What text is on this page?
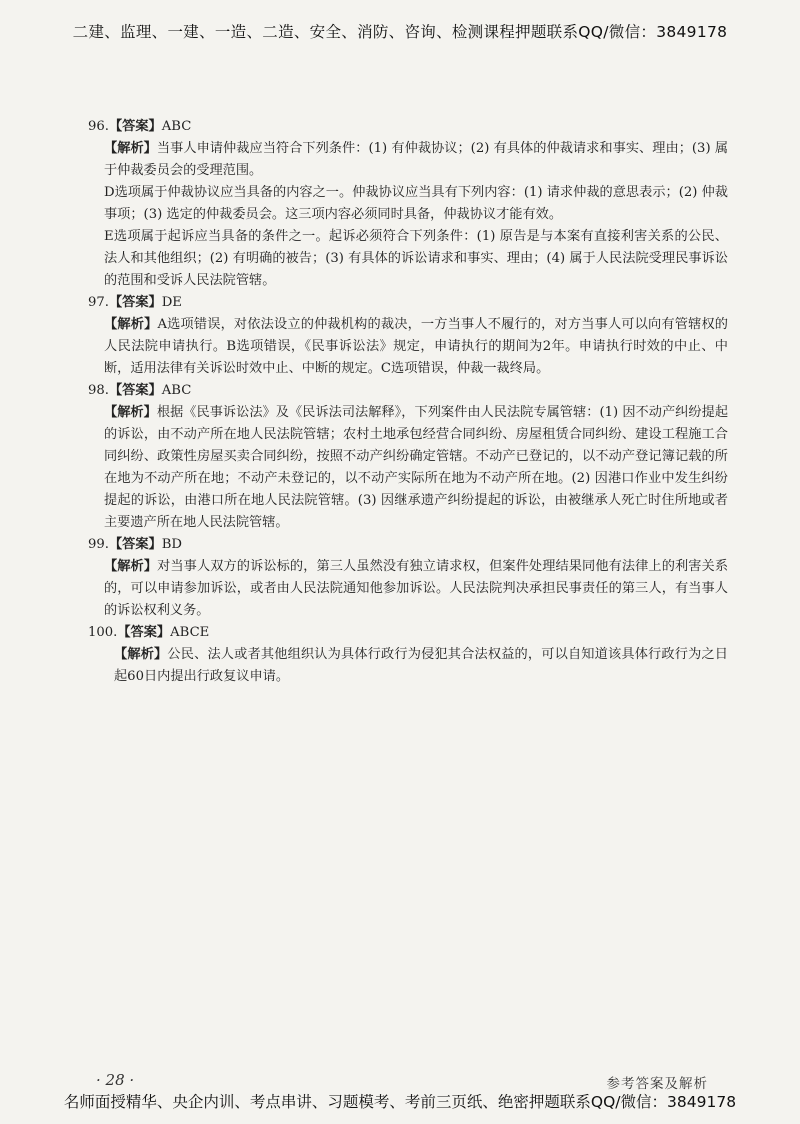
二建、监理、一建、一造、二造、安全、消防、咨询、检测课程押题联系QQ/微信：3849178
96.【答案】ABC

【解析】当事人申请仲裁应当符合下列条件：(1) 有仲裁协议；(2) 有具体的仲裁请求和事实、理由；(3) 属于仲裁委员会的受理范围。

D选项属于仲裁协议应当具备的内容之一。仲裁协议应当具有下列内容：(1) 请求仲裁的意思表示；(2) 仲裁事项；(3) 选定的仲裁委员会。这三项内容必须同时具备，仲裁协议才能有效。

E选项属于起诉应当具备的条件之一。起诉必须符合下列条件：(1) 原告是与本案有直接利害关系的公民、法人和其他组织；(2) 有明确的被告；(3) 有具体的诉讼请求和事实、理由；(4) 属于人民法院受理民事诉讼的范围和受诉人民法院管辖。

97.【答案】DE

【解析】A选项错误，对依法设立的仲裁机构的裁决，一方当事人不履行的，对方当事人可以向有管辖权的人民法院申请执行。B选项错误，《民事诉讼法》规定，申请执行的期间为2年。申请执行时效的中止、中断，适用法律有关诉讼时效中止、中断的规定。C选项错误，仲裁一裁终局。

98.【答案】ABC

【解析】根据《民事诉讼法》及《民诉法司法解释》，下列案件由人民法院专属管辖：(1) 因不动产纠纷提起的诉讼，由不动产所在地人民法院管辖；农村土地承包经营合同纠纷、房屋租赁合同纠纷、建设工程施工合同纠纷、政策性房屋买卖合同纠纷，按照不动产纠纷确定管辖。不动产已登记的，以不动产登记簿记载的所在地为不动产所在地；不动产未登记的，以不动产实际所在地为不动产所在地。(2) 因港口作业中发生纠纷提起的诉讼，由港口所在地人民法院管辖。(3) 因继承遗产纠纷提起的诉讼，由被继承人死亡时住所地或者主要遗产所在地人民法院管辖。

99.【答案】BD

【解析】对当事人双方的诉讼标的，第三人虽然没有独立请求权，但案件处理结果同他有法律上的利害关系的，可以申请参加诉讼，或者由人民法院通知他参加诉讼。人民法院判决承担民事责任的第三人，有当事人的诉讼权利义务。

100.【答案】ABCE

【解析】公民、法人或者其他组织认为具体行政行为侵犯其合法权益的，可以自知道该具体行政行为之日起60日内提出行政复议申请。

· 28 ·	参考答案及解析
名师面授精华、央企内训、考点串讲、习题模考、考前三页纸、绝密押题联系QQ/微信：3849178
